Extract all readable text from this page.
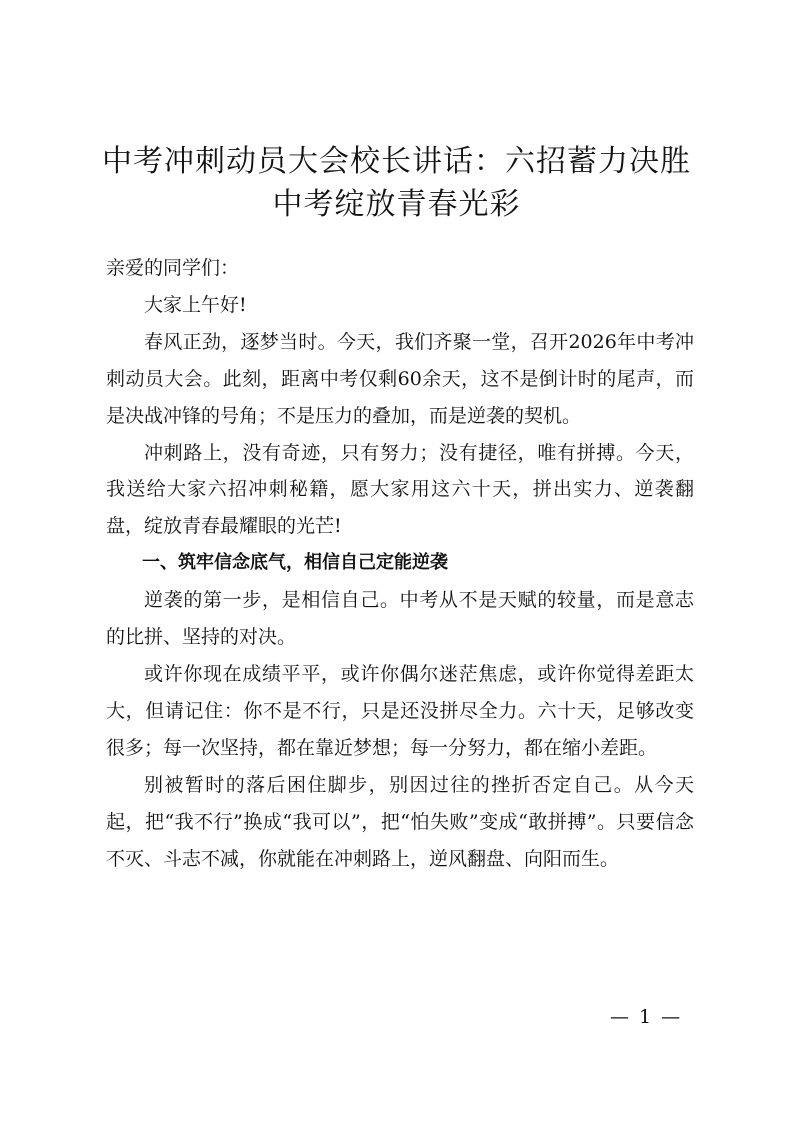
中考冲刺动员大会校长讲话：六招蓄力决胜中考绽放青春光彩

亲爱的同学们：

大家上午好!

春风正劲，逐梦当时。今天，我们齐聚一堂，召开2026年中考冲刺动员大会。此刻，距离中考仅剩60余天，这不是倒计时的尾声，而是决战冲锋的号角；不是压力的叠加，而是逆袭的契机。

冲刺路上，没有奇迹，只有努力；没有捷径，唯有拼搏。今天，我送给大家六招冲刺秘籍，愿大家用这六十天，拼出实力、逆袭翻盘，绽放青春最耀眼的光芒!

一、筑牢信念底气，相信自己定能逆袭

逆袭的第一步，是相信自己。中考从不是天赋的较量，而是意志的比拼、坚持的对决。

或许你现在成绩平平，或许你偶尔迷茫焦虑，或许你觉得差距太大，但请记住：你不是不行，只是还没拼尽全力。六十天，足够改变很多；每一次坚持，都在靠近梦想；每一分努力，都在缩小差距。

别被暂时的落后困住脚步，别因过往的挫折否定自己。从今天起，把“我不行”换成“我可以”，把“怕失败”变成“敢拼搏”。只要信念不灭、斗志不减，你就能在冲刺路上，逆风翻盘、向阳而生。

— 1 —
